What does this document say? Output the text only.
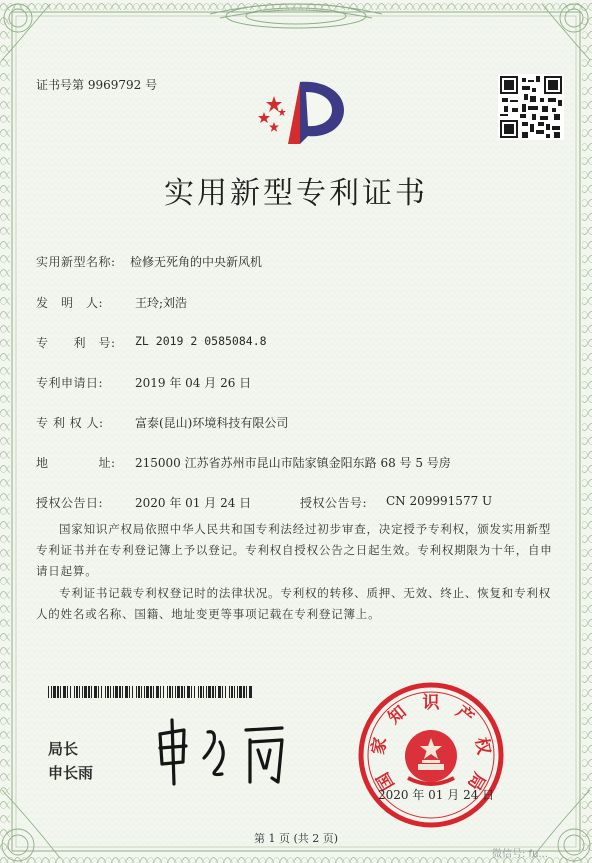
证书号第 9969792 号
实用新型专利证书
实用新型名称: 检修无死角的中央新风机
发　明　人:	王玲;刘浩
专　　利　号: ZL 2019 2 0585084.8
专利申请日:	2019 年 04 月 26 日
专 利 权 人:	富泰(昆山)环境科技有限公司
地　　　　址: 215000 江苏省苏州市昆山市陆家镇金阳东路 68 号 5 号房
授权公告日:	2020 年 01 月 24 日	授权公告号: CN 209991577 U
国家知识产权局依照中华人民共和国专利法经过初步审查，决定授予专利权，颁发实用新型专利证书并在专利登记簿上予以登记。专利权自授权公告之日起生效。专利权期限为十年，自申请日起算。
专利证书记载专利权登记时的法律状况。专利权的转移、质押、无效、终止、恢复和专利权人的姓名或名称、国籍、地址变更等事项记载在专利登记簿上。
局长
申长雨	国
家
知 识 产
权
局
2020 年 01 月 24 日
第 1 页 (共 2 页)
微信号: fu...
